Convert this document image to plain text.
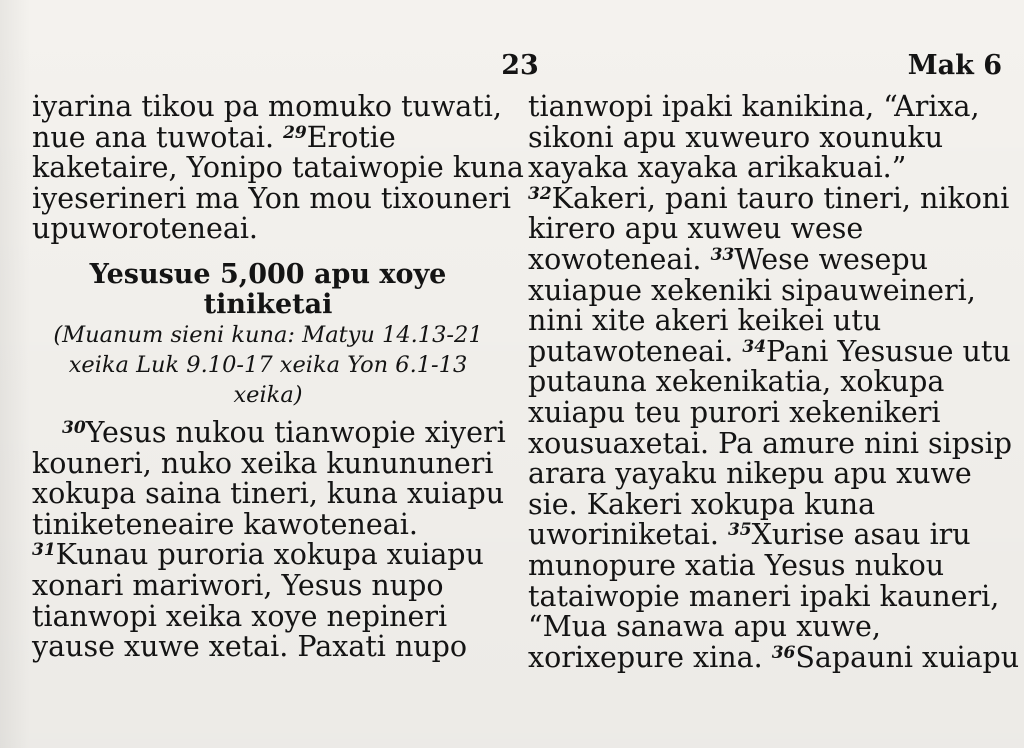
23	Mak 6
iyarina tikou pa momuko tuwati,
nue ana tuwotai. $^{29}$Erotie
kaketaire, Yonipo tataiwopie kuna
iyeserineri ma Yon mou tixouneri
upuworoteneai.
Yesusue 5,000 apu xoye
tiniketai
(Muanum sieni kuna: Matyu 14.13-21
xeika Luk 9.10-17 xeika Yon 6.1-13
xeika)
$^{30}$Yesus nukou tianwopie xiyeri
kouneri, nuko xeika kunununeri
xokupa saina tineri, kuna xuiapu
tiniketeneaire kawoteneai.
$^{31}$Kunau puroria xokupa xuiapu
xonari mariwori, Yesus nupo
tianwopi xeika xoye nepineri
yause xuwe xetai. Paxati nupo
tianwopi ipaki kanikina, “Arixa,
sikoni apu xuweuro xounuku
xayaka xayaka arikakuai.”
$^{32}$Kakeri, pani tauro tineri, nikoni
kirero apu xuweu wese
xowoteneai. $^{33}$Wese wesepu
xuiapue xekeniki sipauweineri,
nini xite akeri keikei utu
putawoteneai. $^{34}$Pani Yesusue utu
putauna xekenikatia, xokupa
xuiapu teu purori xekenikeri
xousuaxetai. Pa amure nini sipsip
arara yayaku nikepu apu xuwe
sie. Kakeri xokupa kuna
uworiniketai. $^{35}$Xurise asau iru
munopure xatia Yesus nukou
tataiwopie maneri ipaki kauneri,
“Mua sanawa apu xuwe,
xorixepure xina. $^{36}$Sapauni xuiapu
